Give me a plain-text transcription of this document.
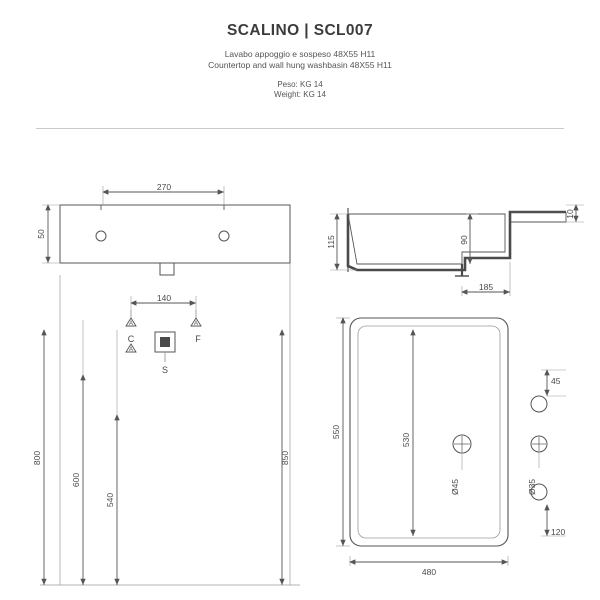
SCALINO | SCL007
Lavabo appoggio e sospeso 48X55 H11
Countertop and wall hung washbasin 48X55 H11
Peso: KG 14
Weight: KG 14
270
140
50
800
600
540
850
A	A
A
C	F
S
115	90
10
185
480
550
530
45
120
Ø45	Ø35
